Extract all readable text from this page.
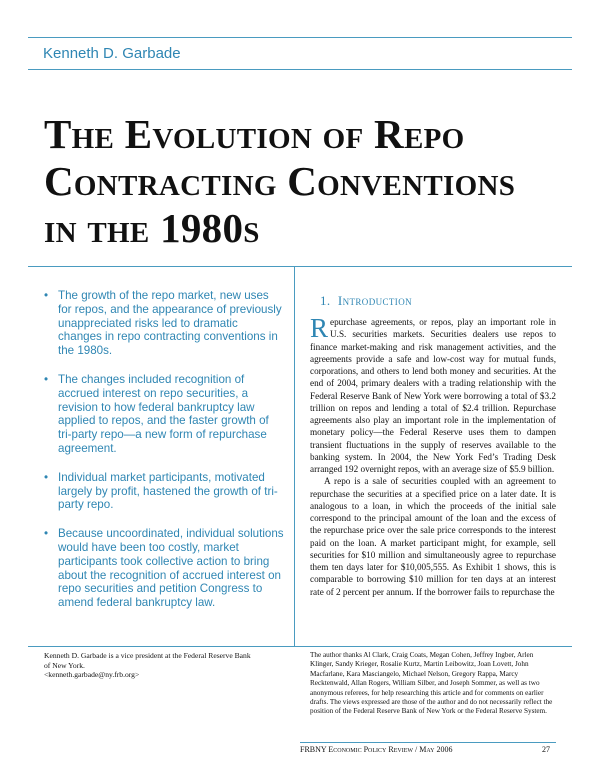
Kenneth D. Garbade
The Evolution of Repo
Contracting Conventions
in the 1980s
• The growth of the repo market, new uses for repos, and the appearance of previously unappreciated risks led to dramatic changes in repo contracting conventions in the 1980s.
• The changes included recognition of accrued interest on repo securities, a revision to how federal bankruptcy law applied to repos, and the faster growth of tri-party repo—a new form of repurchase agreement.
• Individual market participants, motivated largely by profit, hastened the growth of tri-party repo.
• Because uncoordinated, individual solutions would have been too costly, market participants took collective action to bring about the recognition of accrued interest on repo securities and petition Congress to amend federal bankruptcy law.
1. Introduction

Repurchase agreements, or repos, play an important role in U.S. securities markets. Securities dealers use repos to finance market-making and risk management activities, and the agreements provide a safe and low-cost way for mutual funds, corporations, and others to lend both money and securities. At the end of 2004, primary dealers with a trading relationship with the Federal Reserve Bank of New York were borrowing a total of $3.2 trillion on repos and lending a total of $2.4 trillion. Repurchase agreements also play an important role in the implementation of monetary policy—the Federal Reserve uses them to dampen transient fluctuations in the supply of reserves available to the banking system. In 2004, the New York Fed’s Trading Desk arranged 192 overnight repos, with an average size of $5.9 billion.

A repo is a sale of securities coupled with an agreement to repurchase the securities at a specified price on a later date. It is analogous to a loan, in which the proceeds of the initial sale correspond to the principal amount of the loan and the excess of the repurchase price over the sale price corresponds to the interest paid on the loan. A market participant might, for example, sell securities for $10 million and simultaneously agree to repurchase them ten days later for $10,005,555. As Exhibit 1 shows, this is comparable to borrowing $10 million for ten days at an interest rate of 2 percent per annum. If the borrower fails to repurchase the

Kenneth D. Garbade is a vice president at the Federal Reserve Bank
of New York.
<kenneth.garbade@ny.frb.org>
The author thanks Al Clark, Craig Coats, Megan Cohen, Jeffrey Ingber, Arlen Klinger, Sandy Krieger, Rosalie Kurtz, Martin Leibowitz, Joan Lovett, John Macfarlane, Kara Masciangelo, Michael Nelson, Gregory Rappa, Marcy Recktenwald, Allan Rogers, William Silber, and Joseph Sommer, as well as two anonymous referees, for help researching this article and for comments on earlier drafts. The views expressed are those of the author and do not necessarily reflect the position of the Federal Reserve Bank of New York or the Federal Reserve System.
FRBNY Economic Policy Review / May 2006	27
